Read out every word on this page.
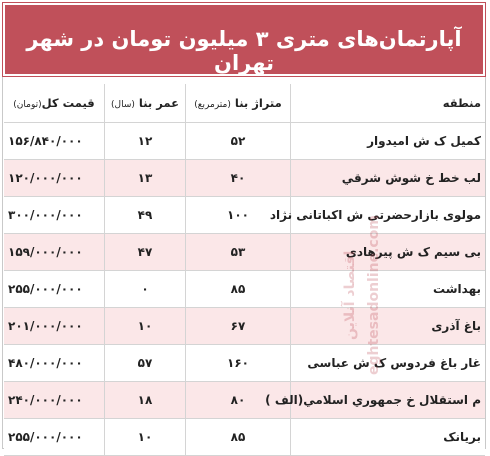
آپارتمان‌های متری ۳ میلیون تومان در شهر تهران
منطقه	متراژ بنا (مترمربع)	عمر بنا (سال)	قیمت کل(تومان)
کمیل ک ش امیدوار	۵۲	۱۲	۱۵۶/۸۴۰/۰۰۰
لب خط خ شوش شرقي	۴۰	۱۳	۱۲۰/۰۰۰/۰۰۰
مولوی بازارحضرتی ش اکباتانی نژاد	۱۰۰	۴۹	۳۰۰/۰۰۰/۰۰۰
بی سیم ک ش پیرهادی	۵۳	۴۷	۱۵۹/۰۰۰/۰۰۰
بهداشت	۸۵	۰	۲۵۵/۰۰۰/۰۰۰
باغ آذری	۶۷	۱۰	۲۰۱/۰۰۰/۰۰۰
غار باغ فردوس ک ش عباسی	۱۶۰	۵۷	۴۸۰/۰۰۰/۰۰۰
م استقلال خ جمهوري اسلامي(الف )	۸۰	۱۸	۲۴۰/۰۰۰/۰۰۰
بريانک	۸۵	۱۰	۲۵۵/۰۰۰/۰۰۰
اقتصاد آنلاین eghtesadonline.com
